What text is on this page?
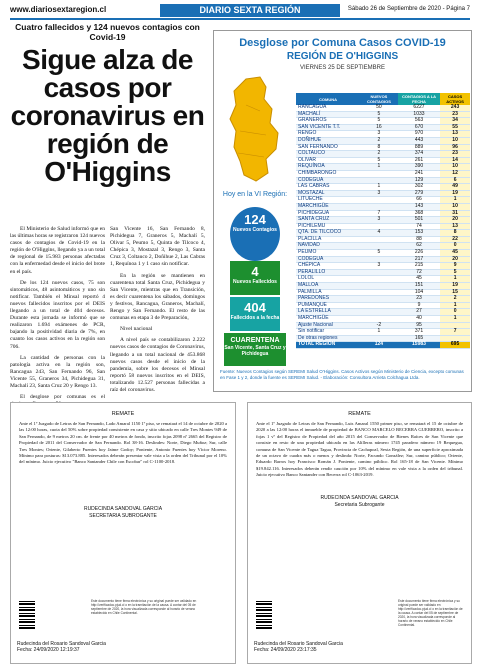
www.diariosextaregion.cl	DIARIO SEXTA REGIÓN	Sábado 26 de Septiembre de 2020 - Página 7
Cuatro fallecidos y 124 nuevos contagios con Covid-19
Sigue alza de casos por coronavirus en región de O'Higgins

El Ministerio de Salud informó que en las últimas horas se registraron 124 nuevos casos de contagios de Covid-19 en la región de O'Higgins, llegando ya a un total de regional de 15.983 personas afectadas con la enfermedad desde el inicio del brote en el país.

De los 124 nuevos casos, 75 son sintomáticos, 48 asintomáticos y uno sin notificar. También el Minsal reportó 4 nuevos fallecidos inscritos por el DEIS llegando a un total de 404 decesos. Durante esta jornada se informó que se realizaron 1.694 exámenes de PCR, bajando la positividad diaria de 7%, en cuanto los casos activos en la región son 706.

La cantidad de personas con la patología activa en la región son, Rancagua 243, San Fernando 96, San Vicente 55, Graneros 34, Pichidegua 31, Machalí 23, Santa Cruz 20 y Rengo 13.

El desglose por comunas es el

San Vicente 16, San Fernando 8, Pichidegua 7, Graneros 5, Machalí 5, Olivar 5, Peumo 5, Quinta de Tilcoco 4, Chépica 3, Mostazal 3, Rengo 3, Santa Cruz 3, Coltauco 2, Doñihue 2, Las Cabras 1, Requínoa 1 y 1 caso sin notificar.

En la región se mantienen en cuarentena total Santa Cruz, Pichidegua y San Vicente, mientras que en Transición, es decir cuarentena los sábados, domingos y festivos, Rancagua, Graneros, Machalí, Rengo y San Fernando. El resto de las comunas en etapa 3 de Preparación,

Nivel nacional

A nivel país se contabilizaron 2.222 nuevos casos de contagios de Coronavirus, llegando a un total nacional de 453.868 nuevos casos desde el inicio de la pandemia, sobre los decesos el Minsal reportó 58 nuevos inscritos en el DEIS, totalizando 12.527 personas fallecidas a raíz del coronavirus.

Desglose por Comuna Casos COVID-19
REGIÓN DE O'HIGGINS
VIERNES 25 DE SEPTIEMBRE
Hoy en la VI Región:
124
Nuevos Contagios
4
Nuevos Fallecidos
404
Fallecidos a la fecha
CUARENTENA
San Vicente, Santa Cruz y Pichidegua
COMUNA	NUEVOS CONTAGIOS	CONTAGIOS A LA FECHA	CASOS ACTIVOS
RANCAGUA	50	6227	243
MACHALÍ	5	1033	23
GRANEROS	5	563	34
SAN VICENTE T.T.	16	670	55
RENGO	3	970	13
DOÑIHUE	2	443	10
SAN FERNANDO	8	889	96
COLTAUCO	2	374	23
OLIVAR	5	261	14
REQUÍNOA	1	390	10
CHIMBARONGO		241	12
CODEGUA		129	6
LAS CABRAS	1	302	49
MOSTAZAL	3	279	19
LITUECHE		66	1
MARCHIGÜE		143	10
PICHIDEGUA	7	368	31
SANTA CRUZ	3	501	20
PICHILEMU		74	13
QTA. DE TILCOCO	4	153	8
PLACILLA		88	22
NAVIDAD		62	0
PEUMO	5	226	45
CODEGUA		217	20
CHÉPICA	3	215	9
PERALILLO		72	5
LOLOL		45	1
MALLOA		151	19
PALMILLA		104	15
PAREDONES		23	2
PUMANQUE		9	1
LA ESTRELLA		27	0
MARCHIGÜE		40	1
Ajuste Nacional	-2	95	
Sin notificar	1	371	7
De otras regiones		165	
TOTAL REGIÓN	124	15983	695
Fuente: Nuevos Contagios según SEREMI Salud O'Higgins. Casos Activos según Ministerio de Ciencia, excepto comunas en Fase 1 y 2, donde la fuente es SEREMI Salud. - Elaboración: Consultora Arrieta Colchagua Ltda.
REMATE
Ante el 1º Juzgado de Letras de San Fernando, Lado Amaral 1150 1º piso, se rematará el 14 de octubre de 2020 a las 12:00 horas, cuota del 50% sobre propiedad consistente en casa y sitio ubicado en calle Tres Montes 949 de San Fernando, de 9 metros 20 cm. de frente por 40 metros de fondo, inscrito fojas 2098 nº 2665 del Registro de Propiedad de 2011 del Conservador de San Fernando. Rol 38-16. Deslindes: Norte, Diego Muñoz; Sur, calle Tres Montes; Oriente, Gilaberto Fuentes hoy Jaime Godoy; Poniente, Antonio Fuentes hoy Víctor Moreno. Mínimo para posturas: $13.073.885. Interesados deberán presentar vale vista a la orden del Tribunal por el 10% del mínimo. Juicio ejecutivo "Banco Santander Chile con Escobar" rol C-1100-2018.
RUDECINDA SANDOVAL GARCIA
SECRETARIA SUBROGANTE
Este documento tiene firma electrónica y su original puede ser validado en http://verificadoc.pjud.cl o en la tramitación de la causa. A contar del 05 de septiembre de 2020, la hora visualizada corresponde al horario de verano establecido en Chile Continental.
Rudecinda del Rosario Sandoval Garcia
Fecha: 24/09/2020 12:19:37
REMATE
Ante el 1º Juzgado de Letras de San Fernando, Luis Amaral 1550 primer piso, se rematará el 15 de octubre de 2020 a las 12:00 horas el inmueble de propiedad de BANCO MARCELO BECERRA GUERRERO, inscrito a fojas 1 vº del Registro de Propiedad del año 2015 del Conservador de Bienes Raíces de San Vicente que consiste en resto de una propiedad ubicada en las Alilleras número 1745 paradero número 19 Requegua, comuna de San Vicente de Tagua Tagua, Provincia de Cachapoal, Sexta Región, de una superficie aproximada de un octavo de cuadra más o menos y deslinda: Norte, Facundo González; Sur, camino público; Oriente, Eduardo Barros hoy Francisco Román J. Poniente, camino público. Rol 165-18 de San Vicente. Mínimo $19.842.116. Interesados deberán rendir caución por 10% del mínimo en vale vista a la orden del tribunal. Juicio ejecutivo Banco Santander con Becerra rol C-1063-2019.
RUDECINDA SANDOVAL GARCIA
Secretaria Subrogante
Este documento tiene firma electrónica y su original puede ser validado en http://verificadoc.pjud.cl o en la tramitación de la causa. A contar del 05 de septiembre de 2020, la hora visualizada corresponde al horario de verano establecido en Chile Continental.
Rudecinda del Rosario Sandoval Garcia
Fecha: 24/09/2020 23:17:35
